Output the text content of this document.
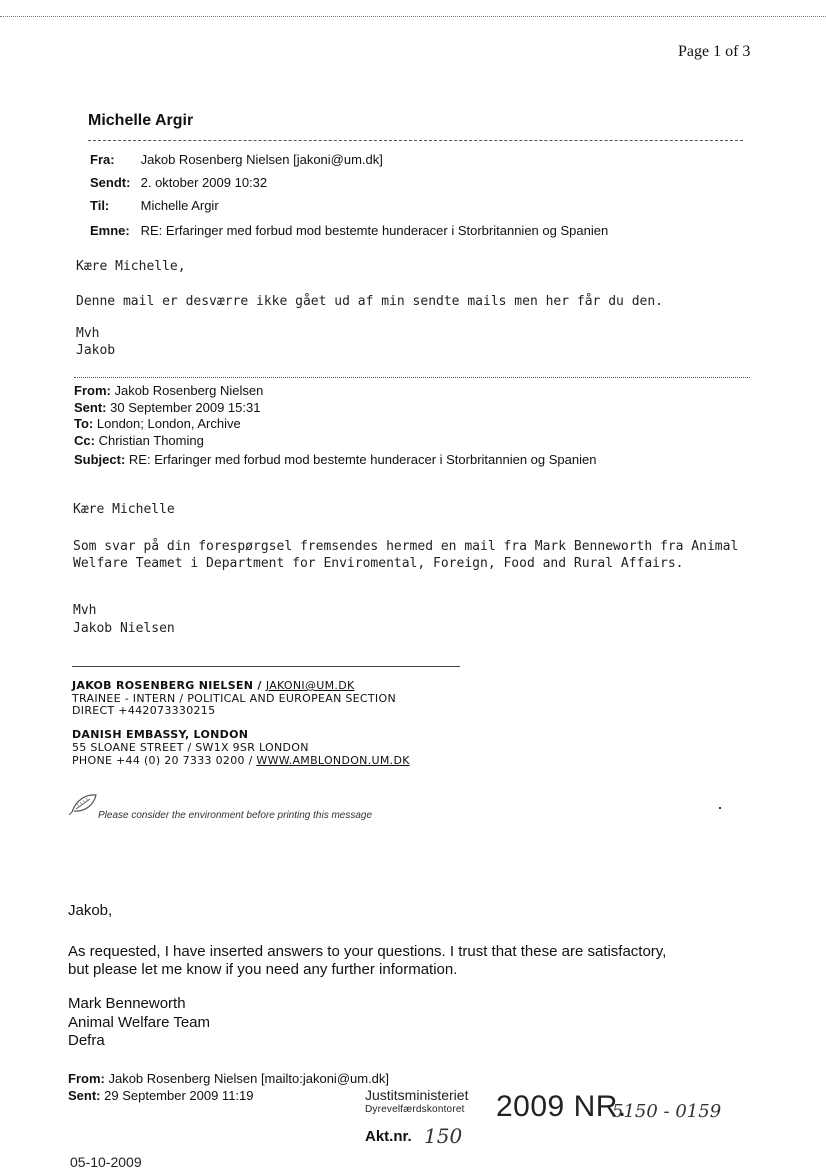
Page 1 of 3
Michelle Argir
Fra: Jakob Rosenberg Nielsen [jakoni@um.dk]
Sendt: 2. oktober 2009 10:32
Til: Michelle Argir
Emne: RE: Erfaringer med forbud mod bestemte hunderacer i Storbritannien og Spanien
Kære Michelle,
Denne mail er desværre ikke gået ud af min sendte mails men her får du den.
Mvh
Jakob
From: Jakob Rosenberg Nielsen
Sent: 30 September 2009 15:31
To: London; London, Archive
Cc: Christian Thoming
Subject: RE: Erfaringer med forbud mod bestemte hunderacer i Storbritannien og Spanien
Kære Michelle
Som svar på din forespørgsel fremsendes hermed en mail fra Mark Benneworth fra Animal
Welfare Teamet i Department for Enviromental, Foreign, Food and Rural Affairs.
Mvh
Jakob Nielsen
JAKOB ROSENBERG NIELSEN / JAKONI@UM.DK
TRAINEE - INTERN / POLITICAL AND EUROPEAN SECTION
DIRECT +442073330215
DANISH EMBASSY, LONDON
55 SLOANE STREET / SW1X 9SR LONDON
PHONE +44 (0) 20 7333 0200 / WWW.AMBLONDON.UM.DK
Please consider the environment before printing this message
Jakob,
As requested, I have inserted answers to your questions. I trust that these are satisfactory,
but please let me know if you need any further information.
Mark Benneworth
Animal Welfare Team
Defra
From: Jakob Rosenberg Nielsen [mailto:jakoni@um.dk]
Sent: 29 September 2009 11:19	Justitsministeriet
Dyrevelfærdskontoret 2009 NR.
5150 - 0159
Akt.nr. 150
05-10-2009
